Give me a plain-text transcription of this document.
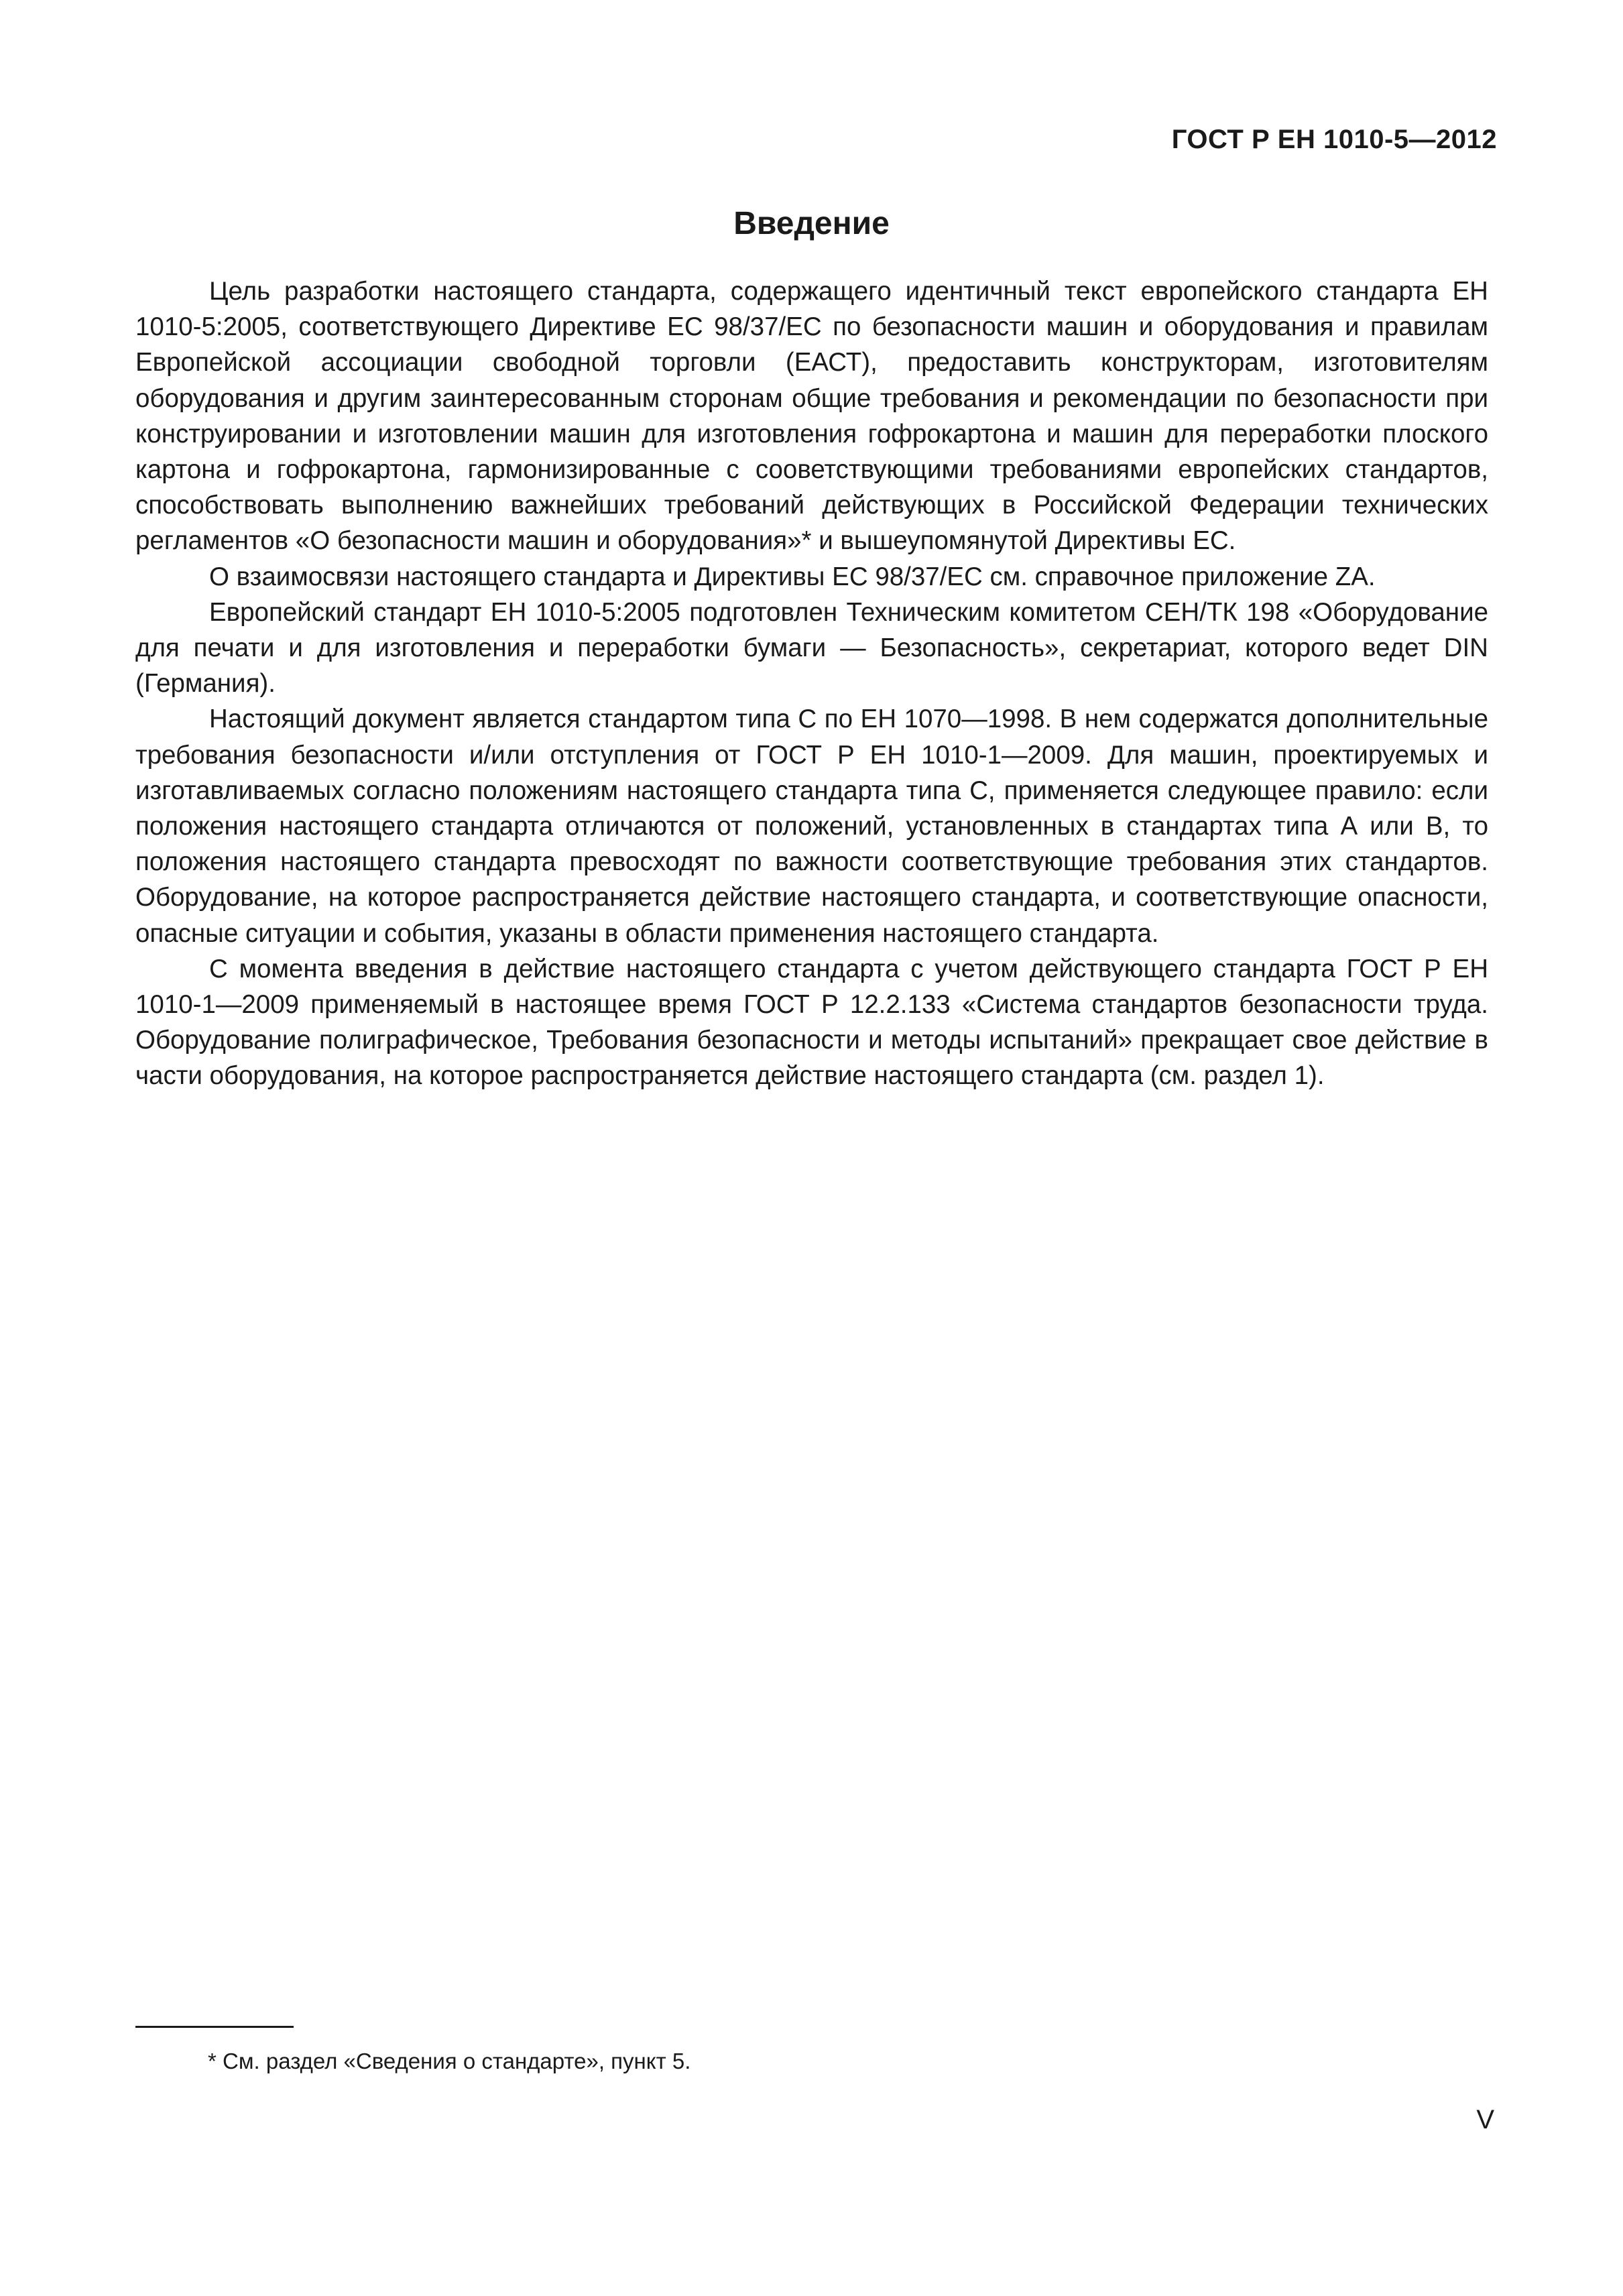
ГОСТ Р ЕН 1010-5—2012
Введение

Цель разработки настоящего стандарта, содержащего идентичный текст европейского стандарта ЕН 1010-5:2005, соответствующего Директиве ЕС 98/37/ЕС по безопасности машин и оборудования и правилам Европейской ассоциации свободной торговли (ЕАСТ), предоставить конструкторам, изготовителям оборудования и другим заинтересованным сторонам общие требования и рекомендации по безопасности при конструировании и изготовлении машин для изготовления гофрокартона и машин для переработки плоского картона и гофрокартона, гармонизированные с сооветствующими требованиями европейских стандартов, способствовать выполнению важнейших требований действующих в Российской Федерации технических регламентов «О безопасности машин и оборудования»* и вышеупомянутой Директивы ЕС.

О взаимосвязи настоящего стандарта и Директивы ЕС 98/37/ЕС см. справочное приложение ZA.

Европейский стандарт ЕН 1010-5:2005 подготовлен Техническим комитетом СЕН/ТК 198 «Оборудование для печати и для изготовления и переработки бумаги — Безопасность», секретариат, которого ведет DIN (Германия).

Настоящий документ является стандартом типа С по ЕН 1070—1998. В нем содержатся дополнительные требования безопасности и/или отступления от ГОСТ Р ЕН 1010-1—2009. Для машин, проектируемых и изготавливаемых согласно положениям настоящего стандарта типа С, применяется следующее правило: если положения настоящего стандарта отличаются от положений, установленных в стандартах типа А или В, то положения настоящего стандарта превосходят по важности соответствующие требования этих стандартов. Оборудование, на которое распространяется действие настоящего стандарта, и соответствующие опасности, опасные ситуации и события, указаны в области применения настоящего стандарта.

С момента введения в действие настоящего стандарта с учетом действующего стандарта ГОСТ Р ЕН 1010-1—2009 применяемый в настоящее время ГОСТ Р 12.2.133 «Система стандартов безопасности труда. Оборудование полиграфическое, Требования безопасности и методы испытаний» прекращает свое действие в части оборудования, на которое распространяется действие настоящего стандарта (см. раздел 1).

* См. раздел «Сведения о стандарте», пункт 5.
V
